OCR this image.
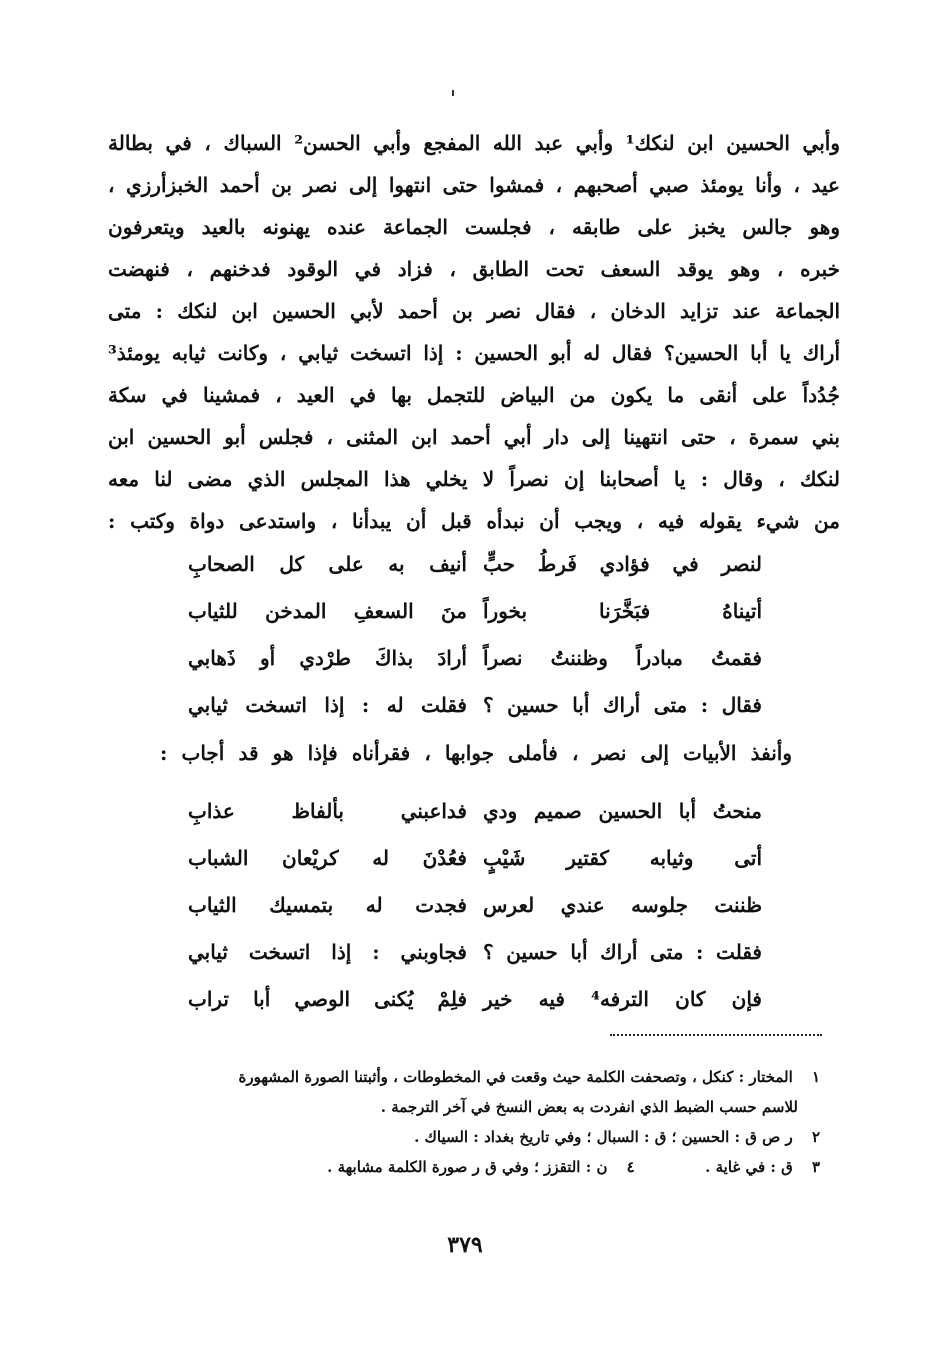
وأبي الحسين ابن لنكك¹ وأبي عبد الله المفجع وأبي الحسن² السباك ، في بطالة
عيد ، وأنا يومئذ صبي أصحبهم ، فمشوا حتى انتهوا إلى نصر بن أحمد الخبزأرزي ،
وهو جالس يخبز على طابقه ، فجلست الجماعة عنده يهنونه بالعيد ويتعرفون
خبره ، وهو يوقد السعف تحت الطابق ، فزاد في الوقود فدخنهم ، فنهضت
الجماعة عند تزايد الدخان ، فقال نصر بن أحمد لأبي الحسين ابن لنكك : متى
أراك يا أبا الحسين؟ فقال له أبو الحسين : إذا اتسخت ثيابي ، وكانت ثيابه يومئذ³
جُدُداً على أنقى ما يكون من البياض للتجمل بها في العيد ، فمشينا في سكة
بني سمرة ، حتى انتهينا إلى دار أبي أحمد ابن المثنى ، فجلس أبو الحسين ابن
لنكك ، وقال : يا أصحابنا إن نصراً لا يخلي هذا المجلس الذي مضى لنا معه
من شيء يقوله فيه ، ويجب أن نبدأه قبل أن يبدأنا ، واستدعى دواة وكتب :
لنصر في فؤادي فَرطُ حبٍّ
أنيف به على كل الصحابِ
أتيناهُ فبَخَّرَنا بخوراً
منَ السعفِ المدخن للثياب
فقمتُ مبادراً وظننتُ نصراً
أرادَ بذاكَ طرْدي أو ذَهابي
فقال : متى أراك أبا حسين ؟
فقلت له : إذا اتسخت ثيابي
وأنفذ الأبيات إلى نصر ، فأملى جوابها ، فقرأناه فإذا هو قد أجاب :
منحتُ أبا الحسين صميم ودي
فداعبني بألفاظ عذابِ
أتى وثيابه كقتير شَيْبٍ
فعُدْنَ له كريْعان الشباب
ظننت جلوسه عندي لعرس
فجدت له بتمسيك الثياب
فقلت : متى أراك أبا حسين ؟
فجاوبني : إذا اتسخت ثيابي
فإن كان الترفه⁴ فيه خير
فلِمْ يُكنى الوصي أبا تراب
١ المختار : كنكل ، وتصحفت الكلمة حيث وقعت في المخطوطات ، وأثبتنا الصورة المشهورة
للاسم حسب الضبط الذي انفردت به بعض النسخ في آخر الترجمة .
٢ ر ص ق : الحسين ؛ ق : السبال ؛ وفي تاريخ بغداد : السياك .
٣ ق : في غاية .  ٤ ن : التقزز ؛ وفي ق ر صورة الكلمة مشابهة .
٣٧٩
